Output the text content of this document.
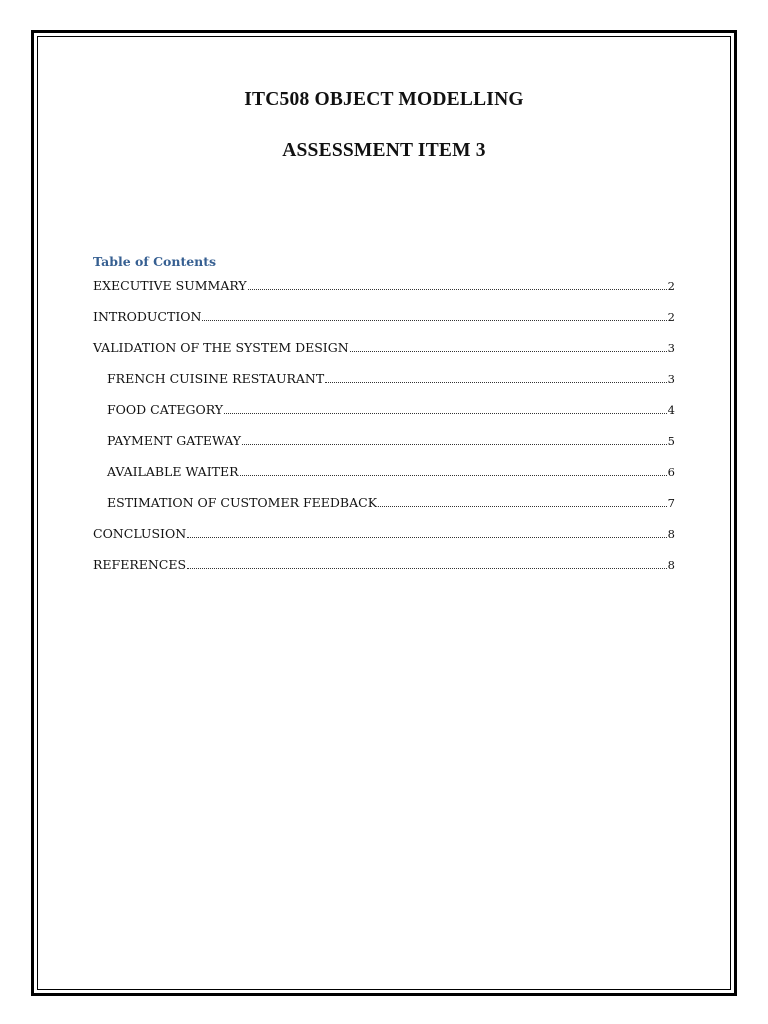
ITC508 OBJECT MODELLING
ASSESSMENT ITEM 3
Table of Contents
EXECUTIVE SUMMARY	2
INTRODUCTION	2
VALIDATION OF THE SYSTEM DESIGN	3
FRENCH CUISINE RESTAURANT	3
FOOD CATEGORY	4
PAYMENT GATEWAY	5
AVAILABLE WAITER	6
ESTIMATION OF CUSTOMER FEEDBACK	7
CONCLUSION	8
REFERENCES	8
